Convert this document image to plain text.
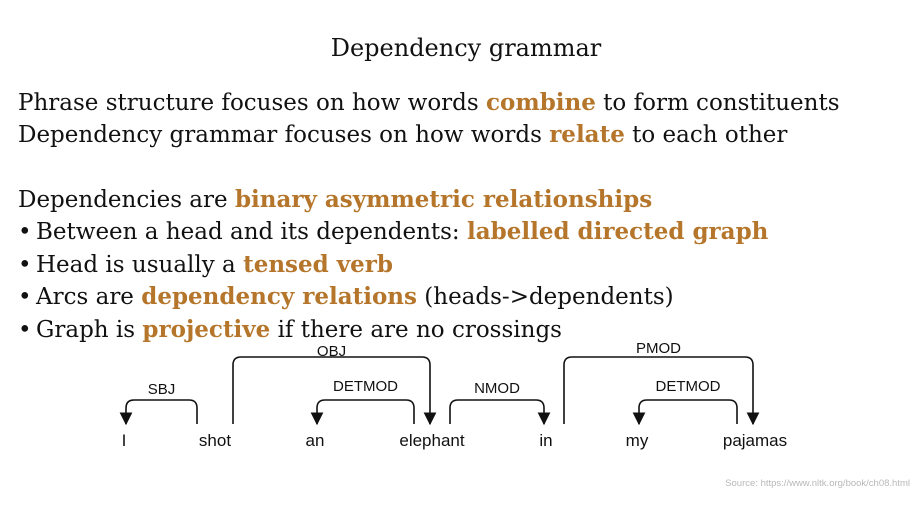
Dependency grammar
Phrase structure focuses on how words combine to form constituents
Dependency grammar focuses on how words relate to each other
Dependencies are binary asymmetric relationships
• Between a head and its dependents: labelled directed graph
• Head is usually a tensed verb
• Arcs are dependency relations (heads->dependents)
• Graph is projective if there are no crossings
SBJ
OBJ
DETMOD	NMOD
PMOD
DETMOD
I	shot	an	elephant	in	my	pajamas
Source: https://www.nltk.org/book/ch08.html
